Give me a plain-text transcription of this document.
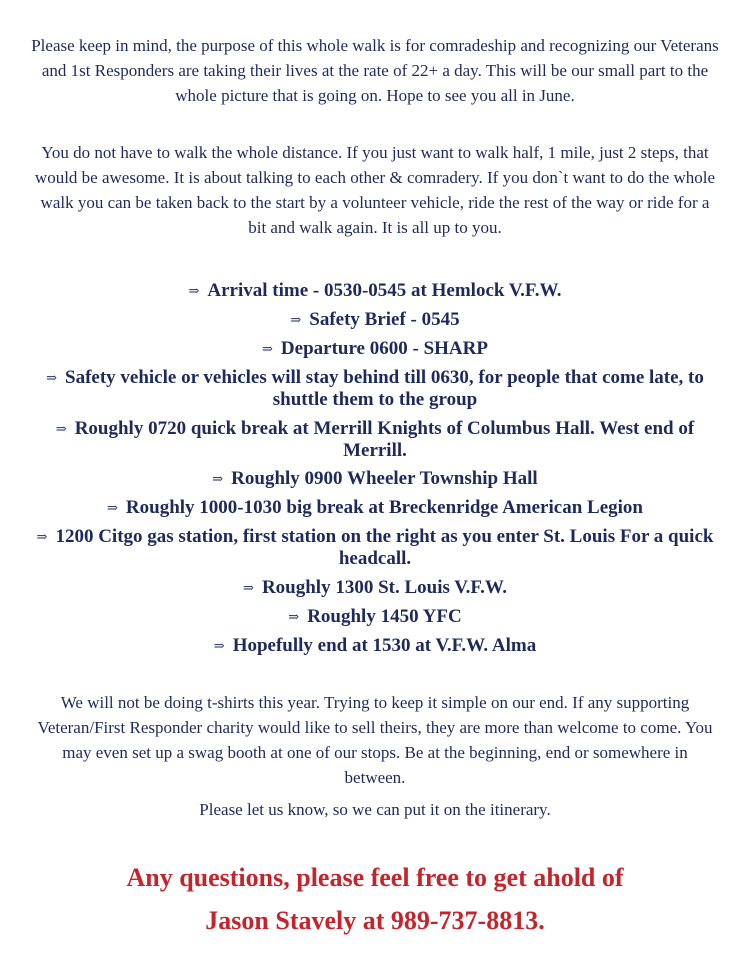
Please keep in mind, the purpose of this whole walk is for comradeship and recognizing our Veterans and 1st Responders are taking their lives at the rate of 22+ a day. This will be our small part to the whole picture that is going on. Hope to see you all in June.

You do not have to walk the whole distance. If you just want to walk half, 1 mile, just 2 steps, that would be awesome. It is about talking to each other & comradery. If you don`t want to do the whole walk you can be taken back to the start by a volunteer vehicle, ride the rest of the way or ride for a bit and walk again. It is all up to you.

⇒ Arrival time - 0530-0545 at Hemlock V.F.W.

⇒ Safety Brief - 0545

⇒ Departure 0600 - SHARP

⇒ Safety vehicle or vehicles will stay behind till 0630, for people that come late, to shuttle them to the group

⇒ Roughly 0720 quick break at Merrill Knights of Columbus Hall. West end of Merrill.

⇒ Roughly 0900 Wheeler Township Hall

⇒ Roughly 1000-1030 big break at Breckenridge American Legion

⇒ 1200 Citgo gas station, first station on the right as you enter St. Louis For a quick headcall.

⇒ Roughly 1300 St. Louis V.F.W.

⇒ Roughly 1450 YFC

⇒ Hopefully end at 1530 at V.F.W. Alma

We will not be doing t-shirts this year. Trying to keep it simple on our end. If any supporting Veteran/First Responder charity would like to sell theirs, they are more than welcome to come. You may even set up a swag booth at one of our stops. Be at the beginning, end or somewhere in between.

Please let us know, so we can put it on the itinerary.

Any questions, please feel free to get ahold of

Jason Stavely at 989-737-8813.
